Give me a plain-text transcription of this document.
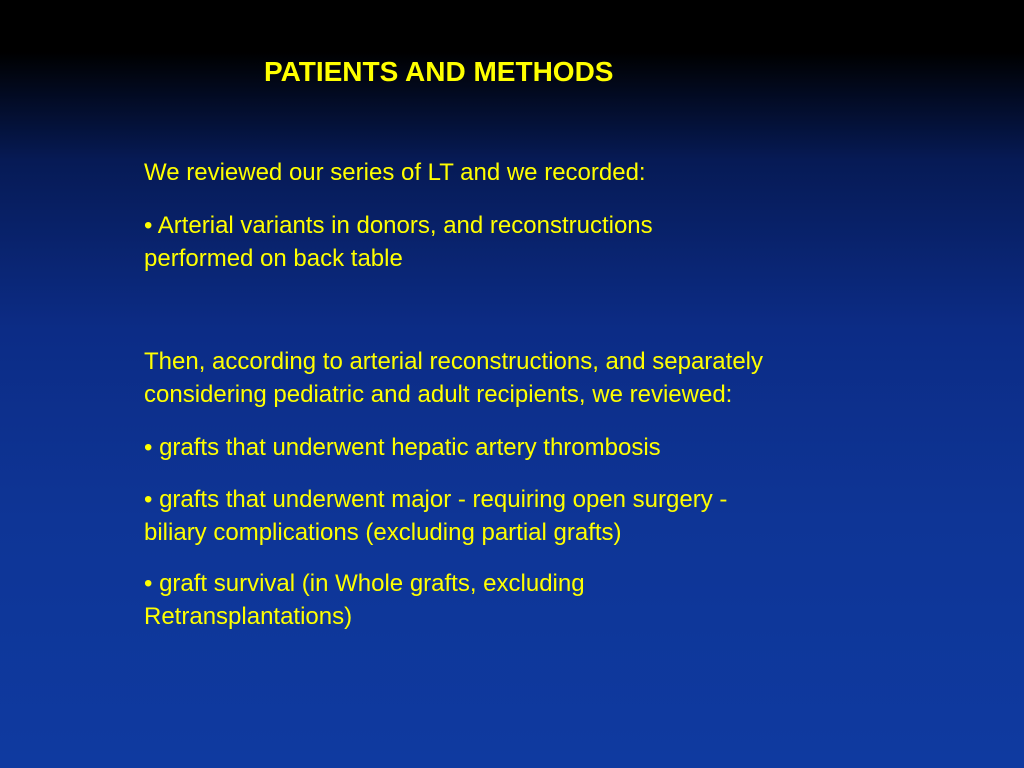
PATIENTS AND METHODS

We reviewed our series of LT and we recorded:

• Arterial variants in donors, and reconstructions
performed on back table

Then, according to arterial reconstructions, and separately
considering pediatric and adult recipients, we reviewed:

• grafts that underwent hepatic artery thrombosis

• grafts that underwent major - requiring open surgery -
biliary complications (excluding partial grafts)

• graft survival (in Whole grafts, excluding
Retransplantations)
